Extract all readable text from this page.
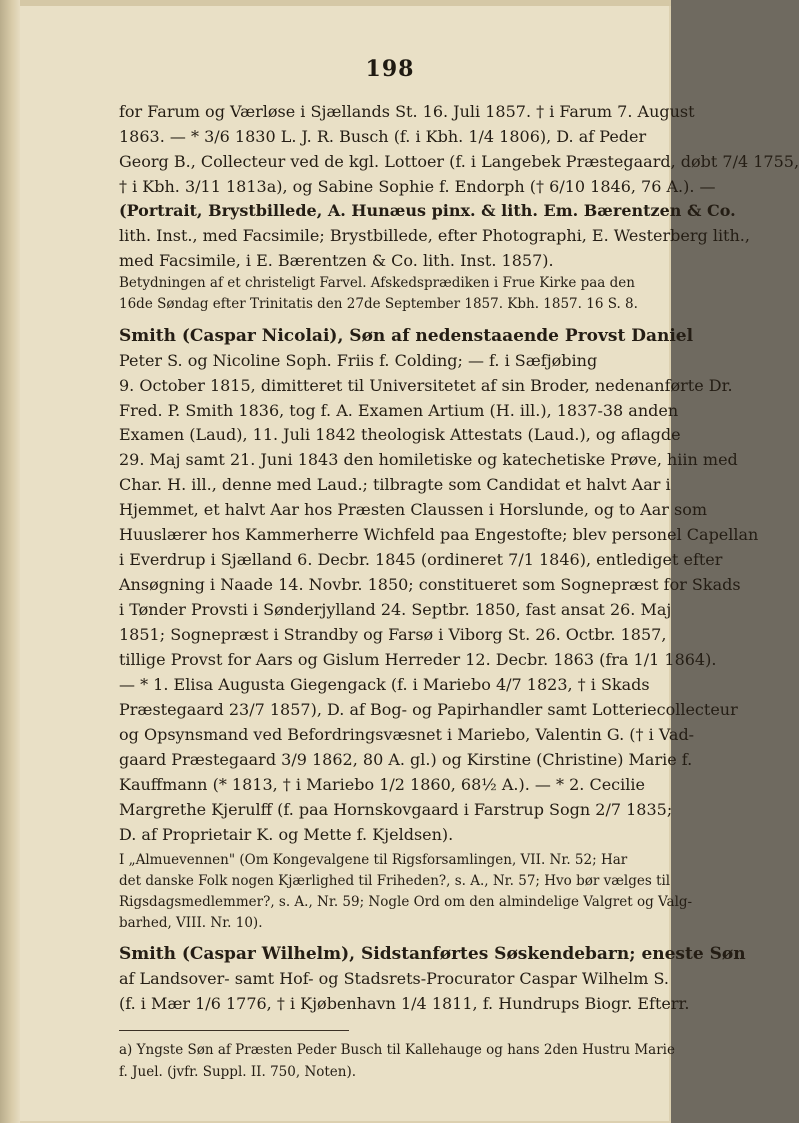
198
for Farum og Værløse i Sjællands St. 16. Juli 1857. † i Farum 7. August
1863. — * 3/6 1830 L. J. R. Busch (f. i Kbh. 1/4 1806), D. af Peder
Georg B., Collecteur ved de kgl. Lottoer (f. i Langebek Præstegaard, døbt 7/4 1755,
† i Kbh. 3/11 1813a), og Sabine Sophie f. Endorph († 6/10 1846, 76 A.). —
(Portrait, Brystbillede, A. Hunæus pinx. & lith. Em. Bærentzen & Co.
lith. Inst., med Facsimile; Brystbillede, efter Photographi, E. Westerberg lith.,
med Facsimile, i E. Bærentzen & Co. lith. Inst. 1857).
Betydningen af et christeligt Farvel. Afskedsprædiken i Frue Kirke paa den
16de Søndag efter Trinitatis den 27de September 1857. Kbh. 1857. 16 S. 8.
Smith (Caspar Nicolai), Søn af nedenstaaende Provst Daniel
Peter S. og Nicoline Soph. Friis f. Colding; — f. i Sæfjøbing
9. October 1815, dimitteret til Universitetet af sin Broder, nedenanførte Dr.
Fred. P. Smith 1836, tog f. A. Examen Artium (H. ill.), 1837-38 anden
Examen (Laud), 11. Juli 1842 theologisk Attestats (Laud.), og aflagde
29. Maj samt 21. Juni 1843 den homiletiske og katechetiske Prøve, hiin med
Char. H. ill., denne med Laud.; tilbragte som Candidat et halvt Aar i
Hjemmet, et halvt Aar hos Præsten Claussen i Horslunde, og to Aar som
Huuslærer hos Kammerherre Wichfeld paa Engestofte; blev personel Capellan
i Everdrup i Sjælland 6. Decbr. 1845 (ordineret 7/1 1846), entlediget efter
Ansøgning i Naade 14. Novbr. 1850; constitueret som Sognepræst for Skads
i Tønder Provsti i Sønderjylland 24. Septbr. 1850, fast ansat 26. Maj
1851; Sognepræst i Strandby og Farsø i Viborg St. 26. Octbr. 1857,
tillige Provst for Aars og Gislum Herreder 12. Decbr. 1863 (fra 1/1 1864).
— * 1. Elisa Augusta Giegengack (f. i Mariebo 4/7 1823, † i Skads
Præstegaard 23/7 1857), D. af Bog- og Papirhandler samt Lotteriecollecteur
og Opsynsmand ved Befordringsvæsnet i Mariebo, Valentin G. († i Vad-
gaard Præstegaard 3/9 1862, 80 A. gl.) og Kirstine (Christine) Marie f.
Kauffmann (* 1813, † i Mariebo 1/2 1860, 68½ A.). — * 2. Cecilie
Margrethe Kjerulff (f. paa Hornskovgaard i Farstrup Sogn 2/7 1835;
D. af Proprietair K. og Mette f. Kjeldsen).
I „Almuevennen" (Om Kongevalgene til Rigsforsamlingen, VII. Nr. 52; Har
det danske Folk nogen Kjærlighed til Friheden?, s. A., Nr. 57; Hvo bør vælges til
Rigsdagsmedlemmer?, s. A., Nr. 59; Nogle Ord om den almindelige Valgret og Valg-
barhed, VIII. Nr. 10).
Smith (Caspar Wilhelm), Sidstanførtes Søskendebarn; eneste Søn
af Landsover- samt Hof- og Stadsrets-Procurator Caspar Wilhelm S.
(f. i Mær 1/6 1776, † i Kjøbenhavn 1/4 1811, f. Hundrups Biogr. Efterr.
a) Yngste Søn af Præsten Peder Busch til Kallehauge og hans 2den Hustru Marie
f. Juel. (jvfr. Suppl. II. 750, Noten).
